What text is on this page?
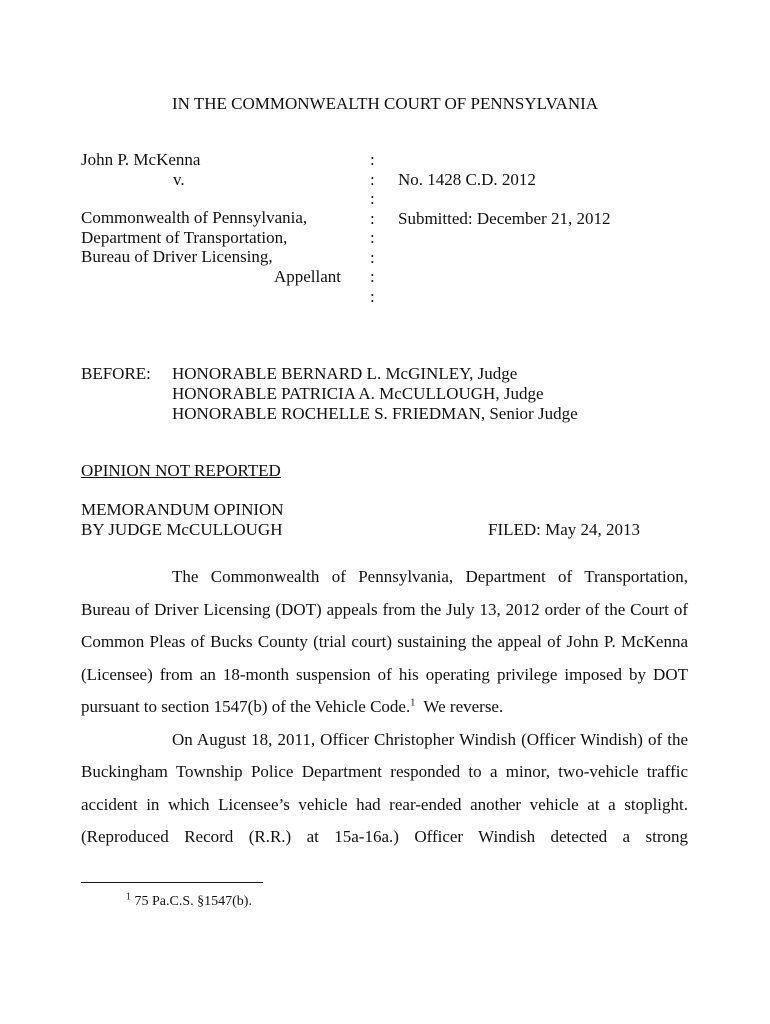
IN THE COMMONWEALTH COURT OF PENNSYLVANIA
John P. McKenna
v.
Commonwealth of Pennsylvania,
Department of Transportation,
Bureau of Driver Licensing,
Appellant
:
:
:
:
:
:
:
:
No. 1428 C.D. 2012
Submitted: December 21, 2012
BEFORE: HONORABLE BERNARD L. McGINLEY, Judge
HONORABLE PATRICIA A. McCULLOUGH, Judge
HONORABLE ROCHELLE S. FRIEDMAN, Senior Judge
OPINION NOT REPORTED
MEMORANDUM OPINION
BY JUDGE McCULLOUGH	FILED: May 24, 2013

The Commonwealth of Pennsylvania, Department of Transportation, Bureau of Driver Licensing (DOT) appeals from the July 13, 2012 order of the Court of Common Pleas of Bucks County (trial court) sustaining the appeal of John P. McKenna (Licensee) from an 18-month suspension of his operating privilege imposed by DOT pursuant to section 1547(b) of the Vehicle Code.$^1$  We reverse.

On August 18, 2011, Officer Christopher Windish (Officer Windish) of the Buckingham Township Police Department responded to a minor, two-vehicle traffic accident in which Licensee’s vehicle had rear-ended another vehicle at a stoplight. (Reproduced Record (R.R.) at 15a-16a.) Officer Windish detected a strong

$^1$ 75 Pa.C.S. §1547(b).
